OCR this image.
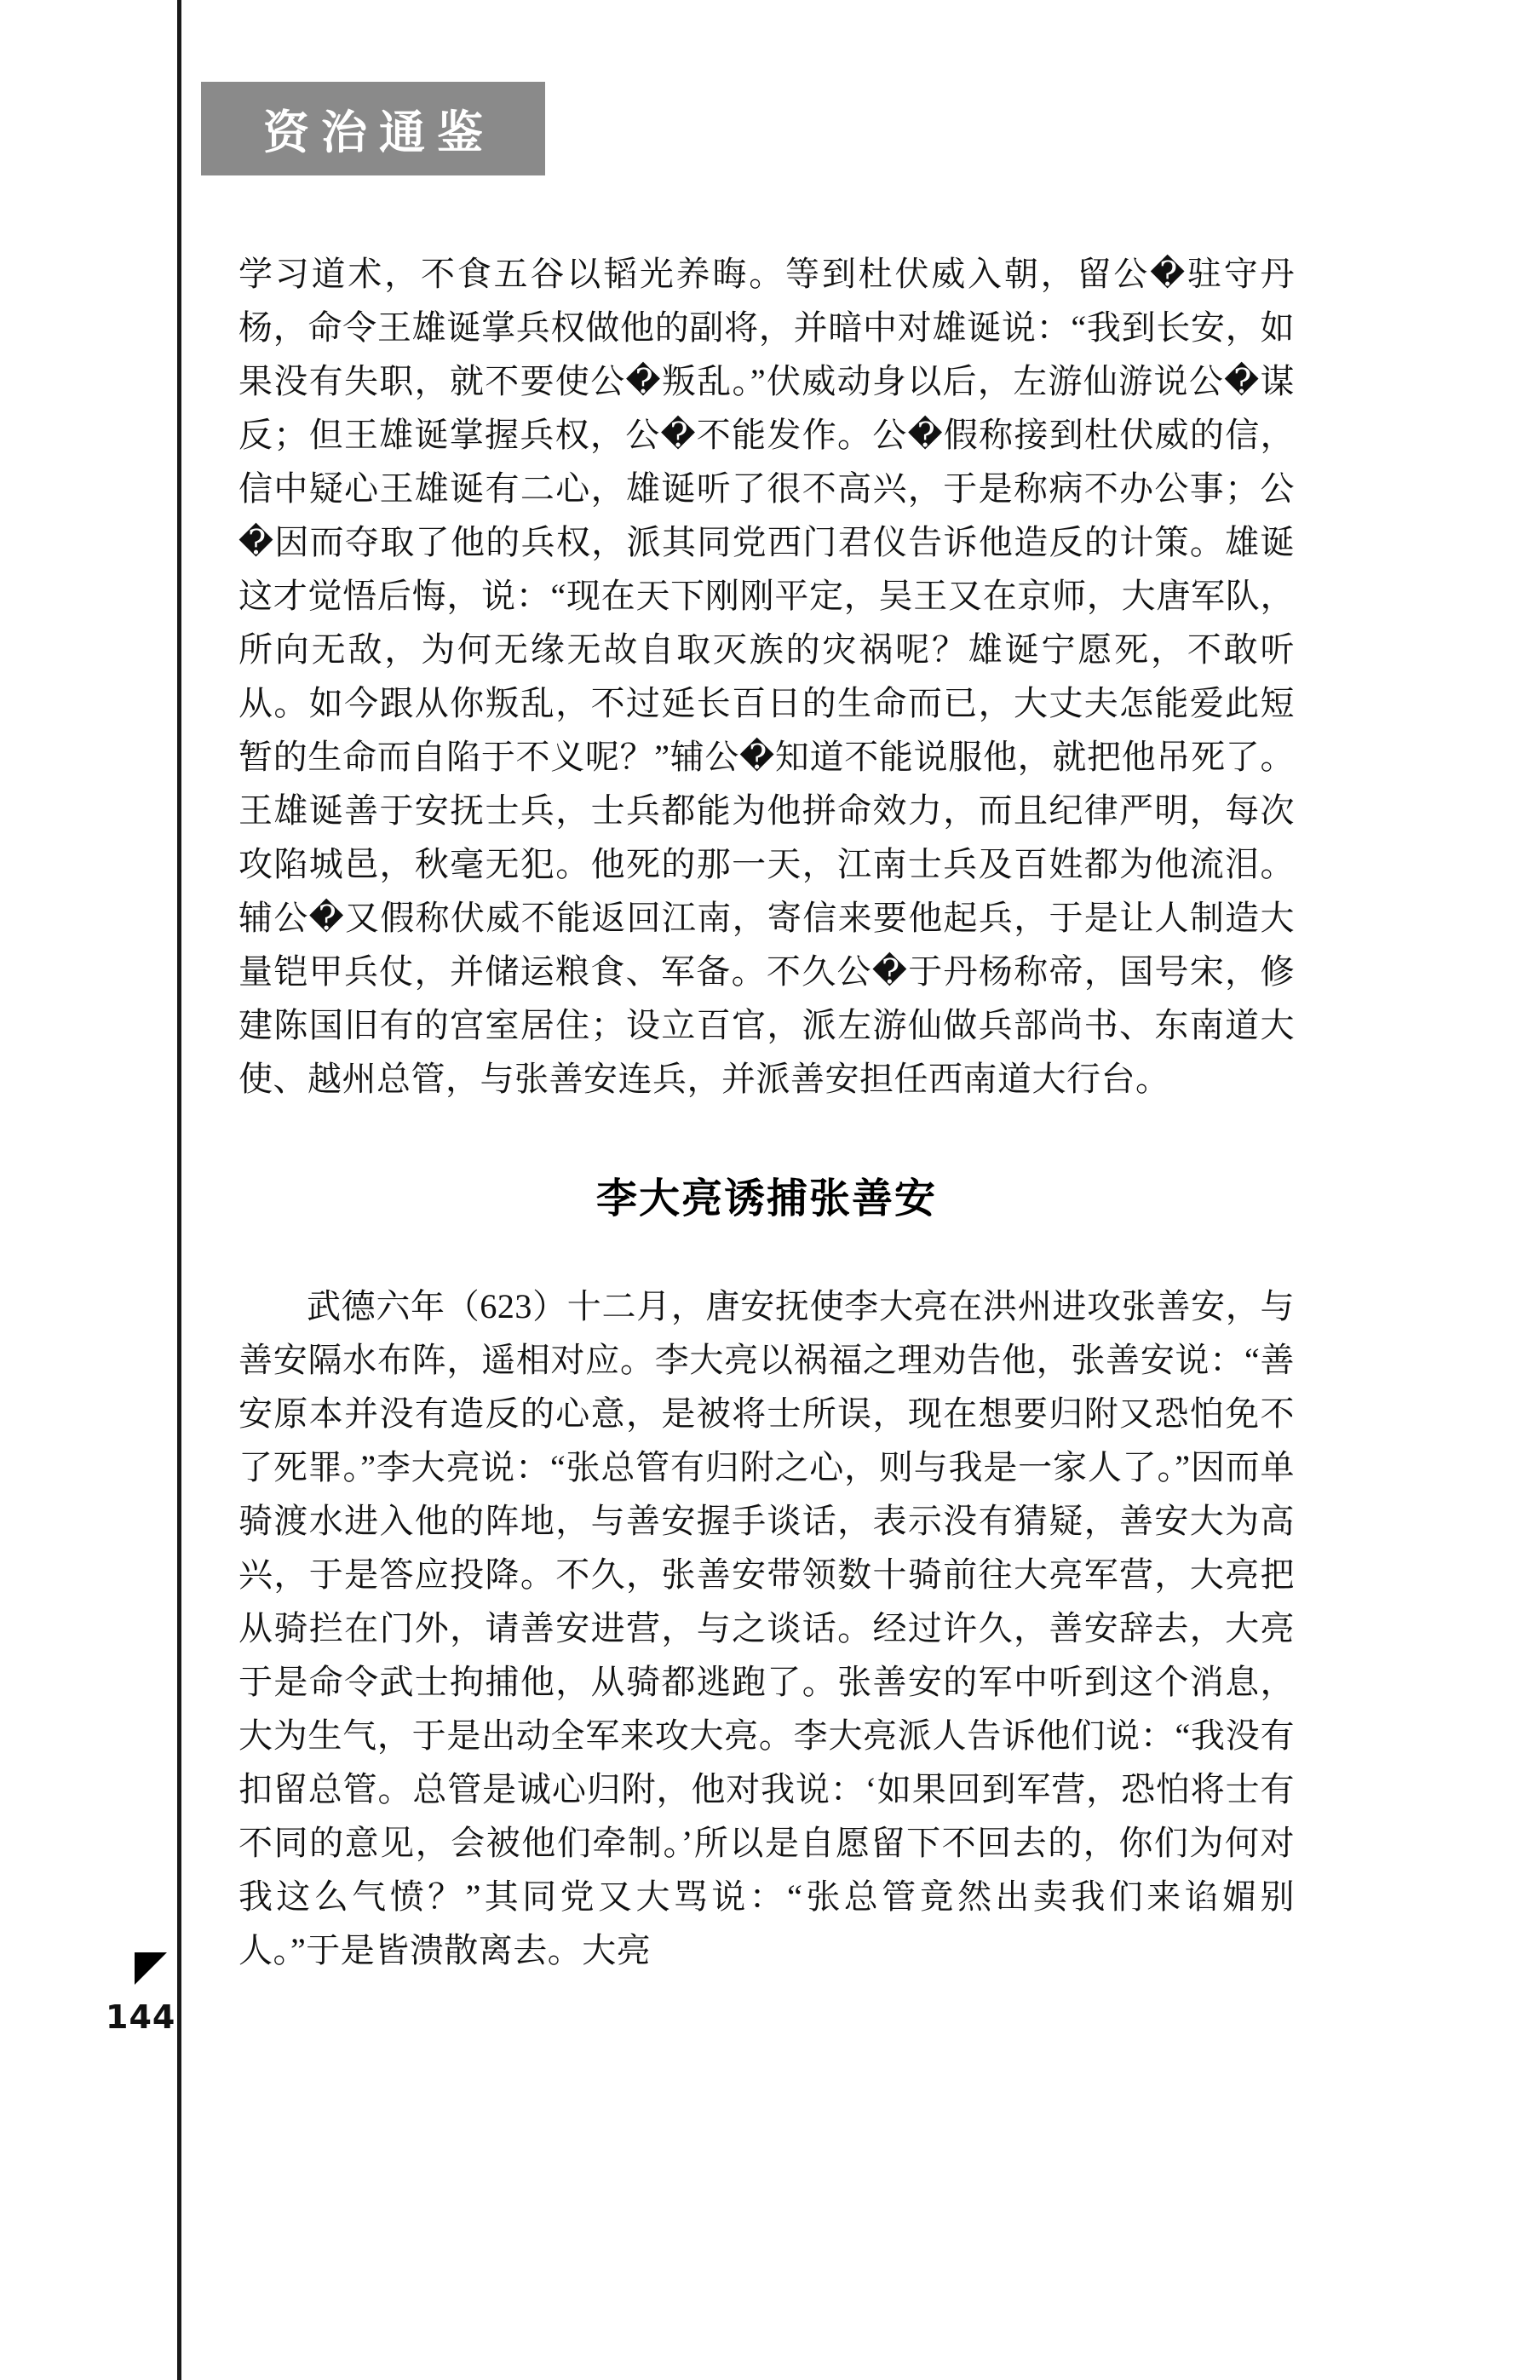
资治通鉴

学习道术，不食五谷以韬光养晦。等到杜伏威入朝，留公�驻守丹杨，命令王雄诞掌兵权做他的副将，并暗中对雄诞说：“我到长安，如果没有失职，就不要使公�叛乱。”伏威动身以后，左游仙游说公�谋反；但王雄诞掌握兵权，公�不能发作。公�假称接到杜伏威的信，信中疑心王雄诞有二心，雄诞听了很不高兴，于是称病不办公事；公�因而夺取了他的兵权，派其同党西门君仪告诉他造反的计策。雄诞这才觉悟后悔，说：“现在天下刚刚平定，吴王又在京师，大唐军队，所向无敌，为何无缘无故自取灭族的灾祸呢？雄诞宁愿死，不敢听从。如今跟从你叛乱，不过延长百日的生命而已，大丈夫怎能爱此短暂的生命而自陷于不义呢？”辅公�知道不能说服他，就把他吊死了。王雄诞善于安抚士兵，士兵都能为他拼命效力，而且纪律严明，每次攻陷城邑，秋毫无犯。他死的那一天，江南士兵及百姓都为他流泪。辅公�又假称伏威不能返回江南，寄信来要他起兵，于是让人制造大量铠甲兵仗，并储运粮食、军备。不久公�于丹杨称帝，国号宋，修建陈国旧有的宫室居住；设立百官，派左游仙做兵部尚书、东南道大使、越州总管，与张善安连兵，并派善安担任西南道大行台。

李大亮诱捕张善安

武德六年（623）十二月，唐安抚使李大亮在洪州进攻张善安，与善安隔水布阵，遥相对应。李大亮以祸福之理劝告他，张善安说：“善安原本并没有造反的心意，是被将士所误，现在想要归附又恐怕免不了死罪。”李大亮说：“张总管有归附之心，则与我是一家人了。”因而单骑渡水进入他的阵地，与善安握手谈话，表示没有猜疑，善安大为高兴，于是答应投降。不久，张善安带领数十骑前往大亮军营，大亮把从骑拦在门外，请善安进营，与之谈话。经过许久，善安辞去，大亮于是命令武士拘捕他，从骑都逃跑了。张善安的军中听到这个消息，大为生气，于是出动全军来攻大亮。李大亮派人告诉他们说：“我没有扣留总管。总管是诚心归附，他对我说：‘如果回到军营，恐怕将士有不同的意见，会被他们牵制。’所以是自愿留下不回去的，你们为何对我这么气愤？”其同党又大骂说：“张总管竟然出卖我们来谄媚别人。”于是皆溃散离去。大亮

144
